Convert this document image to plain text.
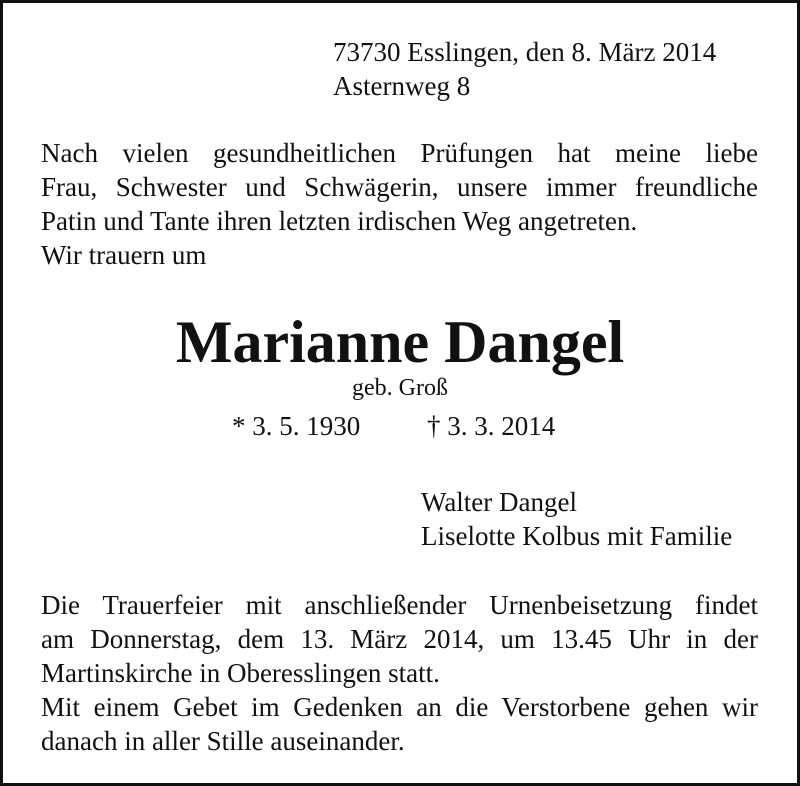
73730 Esslingen, den 8. März 2014

Asternweg 8

Nach vielen gesundheitlichen Prüfungen hat meine liebe

Frau, Schwester und Schwägerin, unsere immer freundliche

Patin und Tante ihren letzten irdischen Weg angetreten.

Wir trauern um

Marianne Dangel

geb. Groß

* 3. 5. 1930 † 3. 3. 2014

Walter Dangel

Liselotte Kolbus mit Familie

Die Trauerfeier mit anschließender Urnenbeisetzung findet

am Donnerstag, dem 13. März 2014, um 13.45 Uhr in der

Martinskirche in Oberesslingen statt.

Mit einem Gebet im Gedenken an die Verstorbene gehen wir

danach in aller Stille auseinander.
